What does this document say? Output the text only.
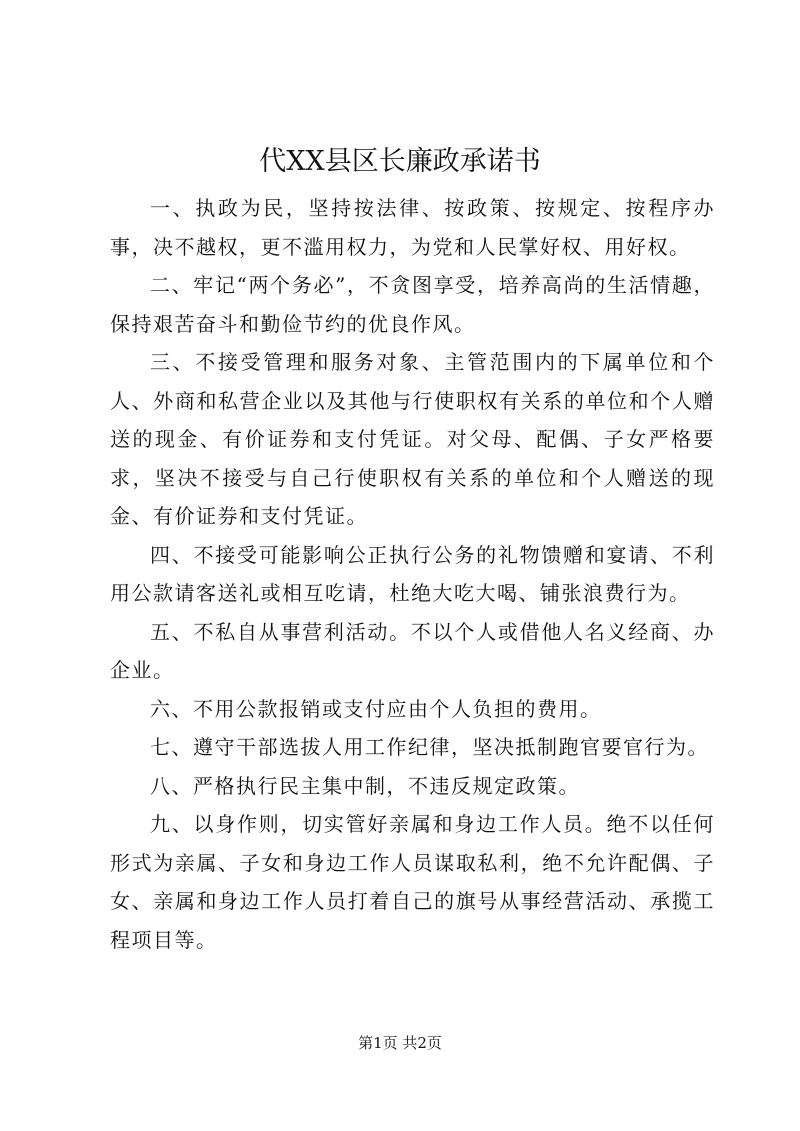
代XX县区长廉政承诺书

一、执政为民，坚持按法律、按政策、按规定、按程序办事，决不越权，更不滥用权力，为党和人民掌好权、用好权。

二、牢记“两个务必”，不贪图享受，培养高尚的生活情趣，保持艰苦奋斗和勤俭节约的优良作风。

三、不接受管理和服务对象、主管范围内的下属单位和个人、外商和私营企业以及其他与行使职权有关系的单位和个人赠送的现金、有价证券和支付凭证。对父母、配偶、子女严格要求，坚决不接受与自己行使职权有关系的单位和个人赠送的现金、有价证券和支付凭证。

四、不接受可能影响公正执行公务的礼物馈赠和宴请、不利用公款请客送礼或相互吃请，杜绝大吃大喝、铺张浪费行为。

五、不私自从事营利活动。不以个人或借他人名义经商、办企业。

六、不用公款报销或支付应由个人负担的费用。

七、遵守干部选拔人用工作纪律，坚决抵制跑官要官行为。

八、严格执行民主集中制，不违反规定政策。

九、以身作则，切实管好亲属和身边工作人员。绝不以任何形式为亲属、子女和身边工作人员谋取私利，绝不允许配偶、子女、亲属和身边工作人员打着自己的旗号从事经营活动、承揽工程项目等。

第1页 共2页
